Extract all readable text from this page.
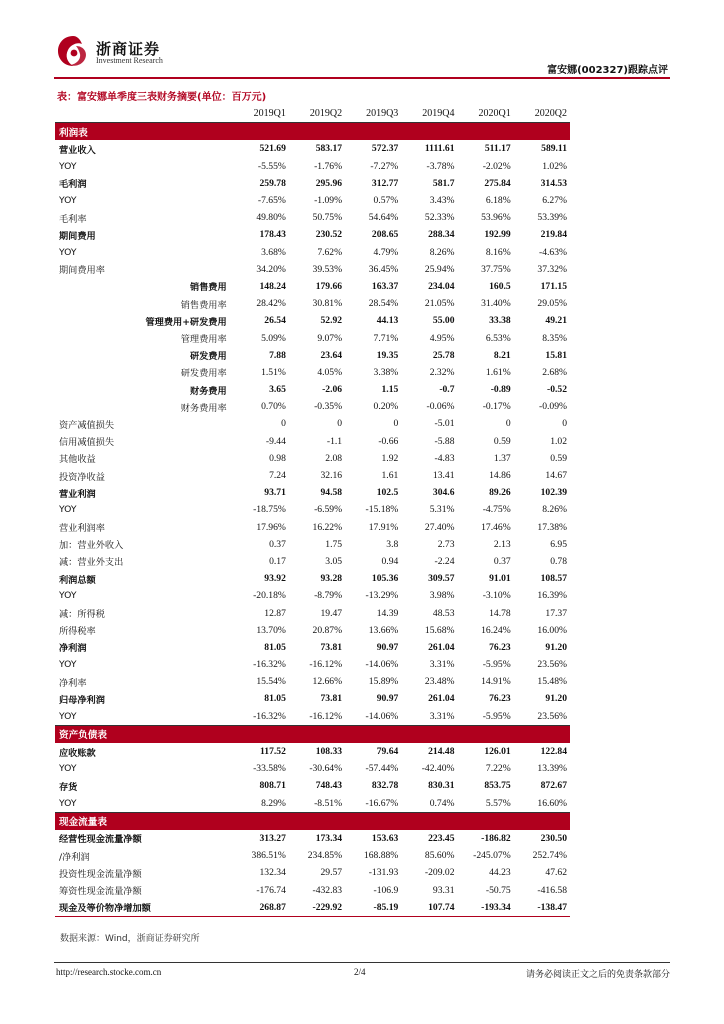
浙商证券
Investment Research
富安娜(002327)跟踪点评
表：富安娜单季度三表财务摘要(单位：百万元)
	2019Q1	2019Q2	2019Q3	2019Q4	2020Q1	2020Q2
利润表						
营业收入	521.69	583.17	572.37	1111.61	511.17	589.11
YOY	-5.55%	-1.76%	-7.27%	-3.78%	-2.02%	1.02%
毛利润	259.78	295.96	312.77	581.7	275.84	314.53
YOY	-7.65%	-1.09%	0.57%	3.43%	6.18%	6.27%
毛利率	49.80%	50.75%	54.64%	52.33%	53.96%	53.39%
期间费用	178.43	230.52	208.65	288.34	192.99	219.84
YOY	3.68%	7.62%	4.79%	8.26%	8.16%	-4.63%
期间费用率	34.20%	39.53%	36.45%	25.94%	37.75%	37.32%
销售费用	148.24	179.66	163.37	234.04	160.5	171.15
销售费用率	28.42%	30.81%	28.54%	21.05%	31.40%	29.05%
管理费用+研发费用	26.54	52.92	44.13	55.00	33.38	49.21
管理费用率	5.09%	9.07%	7.71%	4.95%	6.53%	8.35%
研发费用	7.88	23.64	19.35	25.78	8.21	15.81
研发费用率	1.51%	4.05%	3.38%	2.32%	1.61%	2.68%
财务费用	3.65	-2.06	1.15	-0.7	-0.89	-0.52
财务费用率	0.70%	-0.35%	0.20%	-0.06%	-0.17%	-0.09%
资产减值损失	0	0	0	-5.01	0	0
信用减值损失	-9.44	-1.1	-0.66	-5.88	0.59	1.02
其他收益	0.98	2.08	1.92	-4.83	1.37	0.59
投资净收益	7.24	32.16	1.61	13.41	14.86	14.67
营业利润	93.71	94.58	102.5	304.6	89.26	102.39
YOY	-18.75%	-6.59%	-15.18%	5.31%	-4.75%	8.26%
营业利润率	17.96%	16.22%	17.91%	27.40%	17.46%	17.38%
加：营业外收入	0.37	1.75	3.8	2.73	2.13	6.95
减：营业外支出	0.17	3.05	0.94	-2.24	0.37	0.78
利润总额	93.92	93.28	105.36	309.57	91.01	108.57
YOY	-20.18%	-8.79%	-13.29%	3.98%	-3.10%	16.39%
减：所得税	12.87	19.47	14.39	48.53	14.78	17.37
所得税率	13.70%	20.87%	13.66%	15.68%	16.24%	16.00%
净利润	81.05	73.81	90.97	261.04	76.23	91.20
YOY	-16.32%	-16.12%	-14.06%	3.31%	-5.95%	23.56%
净利率	15.54%	12.66%	15.89%	23.48%	14.91%	15.48%
归母净利润	81.05	73.81	90.97	261.04	76.23	91.20
YOY	-16.32%	-16.12%	-14.06%	3.31%	-5.95%	23.56%
资产负债表						
应收账款	117.52	108.33	79.64	214.48	126.01	122.84
YOY	-33.58%	-30.64%	-57.44%	-42.40%	7.22%	13.39%
存货	808.71	748.43	832.78	830.31	853.75	872.67
YOY	8.29%	-8.51%	-16.67%	0.74%	5.57%	16.60%
现金流量表						
经营性现金流量净额	313.27	173.34	153.63	223.45	-186.82	230.50
/净利润	386.51%	234.85%	168.88%	85.60%	-245.07%	252.74%
投资性现金流量净额	132.34	29.57	-131.93	-209.02	44.23	47.62
筹资性现金流量净额	-176.74	-432.83	-106.9	93.31	-50.75	-416.58
现金及等价物净增加额	268.87	-229.92	-85.19	107.74	-193.34	-138.47
数据来源：Wind，浙商证券研究所
http://research.stocke.com.cn	2/4	请务必阅读正文之后的免责条款部分
